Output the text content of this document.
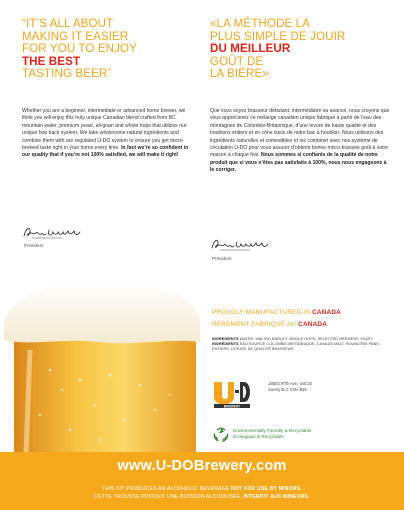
“IT’S ALL ABOUT
MAKING IT EASIER
FOR YOU TO ENJOY
THE BEST
TASTING BEER”
«LA MÉTHODE LA
PLUS SIMPLE DE JOUIR
DU MEILLEUR
GOÛT DE
LA BIÈRE»

Whether you are a beginner, intermediate or advanced home brewer, we think you will enjoy this truly unique Canadian blend crafted from BC mountain water, premium yeast, all-grain and whole hops that utilizes our unique hop back system. We take wholesome natural ingredients and combine them with our regulated U-DO system to ensure you get micro-brewed taste right in your home every time. In fact we’re so confident in our quality that if you’re not 100% satisfied, we will make it right!

Que vous soyez brasseur débutant, intermédiaire ou avancé, nous croyons que vous apprécierez ce mélange canadien unique fabriqué à partir de l’eau des montagnes de Colombie-Britannique, d’une levure de haute qualité et des houblons entiers et en cône issus de notre bac à houblon. Nous utilisons des ingrédients naturelles et comestibles et les combiner avec nos système de circulation U-DO pour vous assurer d’obtenir bonne micro-brassée goût à votre maison à chaque fois. Nous sommes si confiants de la qualité de notre produit que si vous n’êtes pas satisfaits à 100%, nous nous engageons à le corriger.

Président
Président
PROUDLY MANUFACTURED IN CANADA
RÉREMENT FABRIQUÉ AU CANADA
INGREDIENTS WATER, MALTED BARLEY, WHOLE HOPS, SELECTED BREWERS YEAST. INGRÉDIENTS EAU SOURCE COLOMBIE-BRITANNIQUE, CANADA MALT, HOUBLONS PANS ENTIERS, LEVURE DE QUALITÉ BRASSEUR.
BREWERY
18503 97th Ave, unit 20
Surrey B.C V4N 3N9
Environmentally Friendly & Recyclable
Écologique & Recyclable
www.U-DOBrewery.com
THIS KIT PRODUCES AN ALCOHOLIC BEVERAGE NOT FOR USE BY MINORS.
CETTE TROUSSE PRODUIT UNE BOISSON ALCOOLISÉE. INTERDIT AUX MINEURS.
